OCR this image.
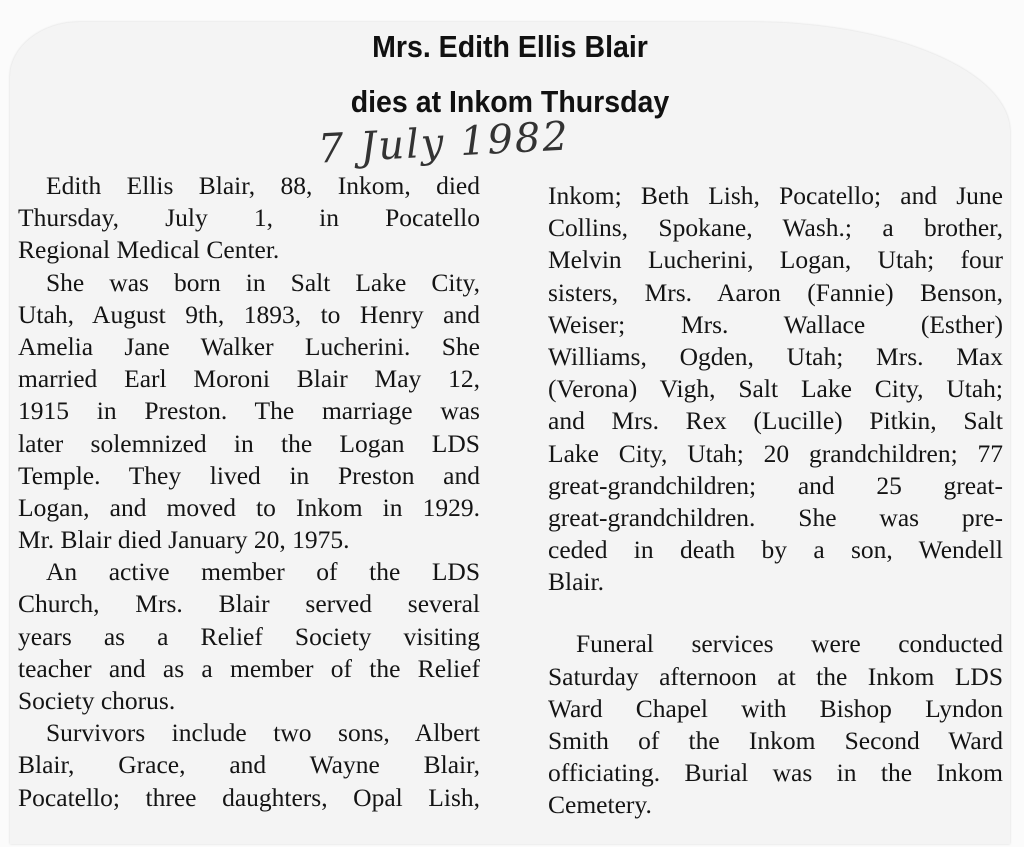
Mrs. Edith Ellis Blair
dies at Inkom Thursday
7 July 1982
Edith Ellis Blair, 88, Inkom, died
Thursday, July 1, in Pocatello
Regional Medical Center.
She was born in Salt Lake City,
Utah, August 9th, 1893, to Henry and
Amelia Jane Walker Lucherini. She
married Earl Moroni Blair May 12,
1915 in Preston. The marriage was
later solemnized in the Logan LDS
Temple. They lived in Preston and
Logan, and moved to Inkom in 1929.
Mr. Blair died January 20, 1975.
An active member of the LDS
Church, Mrs. Blair served several
years as a Relief Society visiting
teacher and as a member of the Relief
Society chorus.
Survivors include two sons, Albert
Blair, Grace, and Wayne Blair,
Pocatello; three daughters, Opal Lish,
Inkom; Beth Lish, Pocatello; and June
Collins, Spokane, Wash.; a brother,
Melvin Lucherini, Logan, Utah; four
sisters, Mrs. Aaron (Fannie) Benson,
Weiser; Mrs. Wallace (Esther)
Williams, Ogden, Utah; Mrs. Max
(Verona) Vigh, Salt Lake City, Utah;
and Mrs. Rex (Lucille) Pitkin, Salt
Lake City, Utah; 20 grandchildren; 77
great-grandchildren; and 25 great-
great-grandchildren. She was pre-
ceded in death by a son, Wendell
Blair.
Funeral services were conducted
Saturday afternoon at the Inkom LDS
Ward Chapel with Bishop Lyndon
Smith of the Inkom Second Ward
officiating. Burial was in the Inkom
Cemetery.
